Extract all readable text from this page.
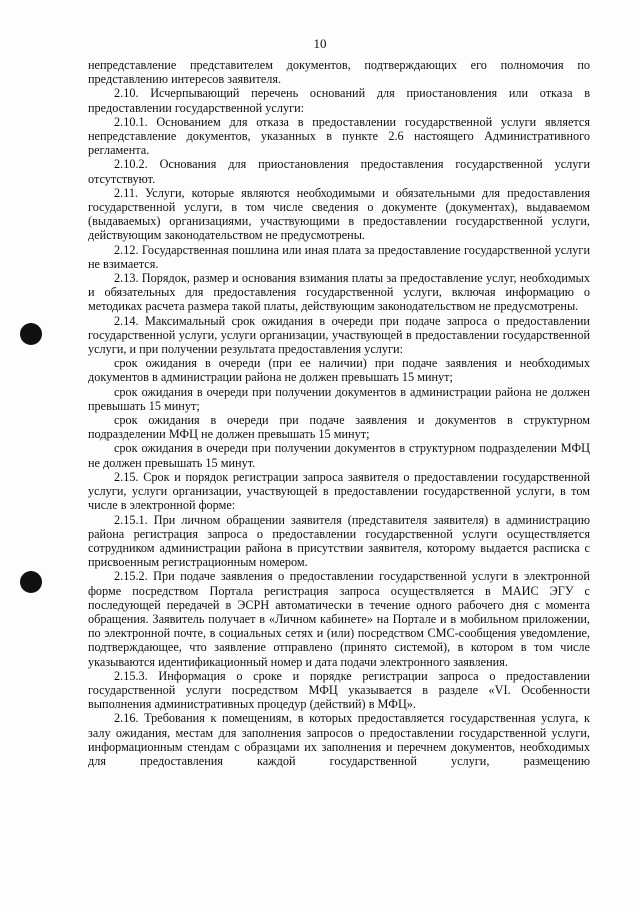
10

непредставление представителем документов, подтверждающих его полномочия по представлению интересов заявителя.

2.10. Исчерпывающий перечень оснований для приостановления или отказа в предоставлении государственной услуги:

2.10.1. Основанием для отказа в предоставлении государственной услуги является непредставление документов, указанных в пункте 2.6 настоящего Административного регламента.

2.10.2. Основания для приостановления предоставления государственной услуги отсутствуют.

2.11. Услуги, которые являются необходимыми и обязательными для предоставления государственной услуги, в том числе сведения о документе (документах), выдаваемом (выдаваемых) организациями, участвующими в предоставлении государственной услуги, действующим законодательством не предусмотрены.

2.12. Государственная пошлина или иная плата за предоставление государственной услуги не взимается.

2.13. Порядок, размер и основания взимания платы за предоставление услуг, необходимых и обязательных для предоставления государственной услуги, включая информацию о методиках расчета размера такой платы, действующим законодательством не предусмотрены.

2.14. Максимальный срок ожидания в очереди при подаче запроса о предоставлении государственной услуги, услуги организации, участвующей в предоставлении государственной услуги, и при получении результата предоставления услуги:

срок ожидания в очереди (при ее наличии) при подаче заявления и необходимых документов в администрации района не должен превышать 15 минут;

срок ожидания в очереди при получении документов в администрации района не должен превышать 15 минут;

срок ожидания в очереди при подаче заявления и документов в структурном подразделении МФЦ не должен превышать 15 минут;

срок ожидания в очереди при получении документов в структурном подразделении МФЦ не должен превышать 15 минут.

2.15. Срок и порядок регистрации запроса заявителя о предоставлении государственной услуги, услуги организации, участвующей в предоставлении государственной услуги, в том числе в электронной форме:

2.15.1. При личном обращении заявителя (представителя заявителя) в администрацию района регистрация запроса о предоставлении государственной услуги осуществляется сотрудником администрации района в присутствии заявителя, которому выдается расписка с присвоенным регистрационным номером.

2.15.2. При подаче заявления о предоставлении государственной услуги в электронной форме посредством Портала регистрация запроса осуществляется в МАИС ЭГУ с последующей передачей в ЭСРН автоматически в течение одного рабочего дня с момента обращения. Заявитель получает в «Личном кабинете» на Портале и в мобильном приложении, по электронной почте, в социальных сетях и (или) посредством СМС-сообщения уведомление, подтверждающее, что заявление отправлено (принято системой), в котором в том числе указываются идентификационный номер и дата подачи электронного заявления.

2.15.3. Информация о сроке и порядке регистрации запроса о предоставлении государственной услуги посредством МФЦ указывается в разделе «VI. Особенности выполнения административных процедур (действий) в МФЦ».

2.16. Требования к помещениям, в которых предоставляется государственная услуга, к залу ожидания, местам для заполнения запросов о предоставлении государственной услуги, информационным стендам с образцами их заполнения и перечнем документов, необходимых для предоставления каждой государственной услуги, размещению
